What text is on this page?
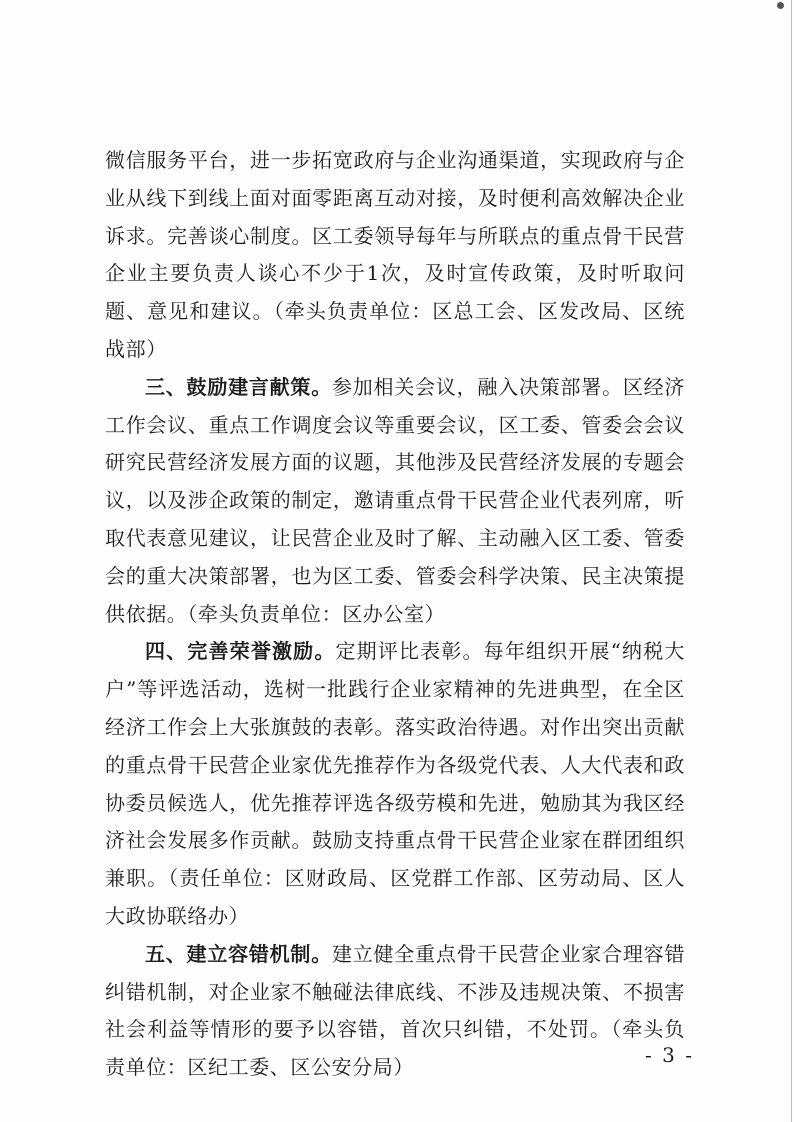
微信服务平台，进一步拓宽政府与企业沟通渠道，实现政府与企业从线下到线上面对面零距离互动对接，及时便利高效解决企业诉求。完善谈心制度。区工委领导每年与所联点的重点骨干民营企业主要负责人谈心不少于1次，及时宣传政策，及时听取问题、意见和建议。（牵头负责单位：区总工会、区发改局、区统战部）

三、鼓励建言献策。参加相关会议，融入决策部署。区经济工作会议、重点工作调度会议等重要会议，区工委、管委会会议研究民营经济发展方面的议题，其他涉及民营经济发展的专题会议，以及涉企政策的制定，邀请重点骨干民营企业代表列席，听取代表意见建议，让民营企业及时了解、主动融入区工委、管委会的重大决策部署，也为区工委、管委会科学决策、民主决策提供依据。（牵头负责单位：区办公室）

四、完善荣誉激励。定期评比表彰。每年组织开展“纳税大户”等评选活动，选树一批践行企业家精神的先进典型，在全区经济工作会上大张旗鼓的表彰。落实政治待遇。对作出突出贡献的重点骨干民营企业家优先推荐作为各级党代表、人大代表和政协委员候选人，优先推荐评选各级劳模和先进，勉励其为我区经济社会发展多作贡献。鼓励支持重点骨干民营企业家在群团组织兼职。（责任单位：区财政局、区党群工作部、区劳动局、区人大政协联络办）

五、建立容错机制。建立健全重点骨干民营企业家合理容错纠错机制，对企业家不触碰法律底线、不涉及违规决策、不损害社会利益等情形的要予以容错，首次只纠错，不处罚。（牵头负责单位：区纪工委、区公安分局）

- 3 -
